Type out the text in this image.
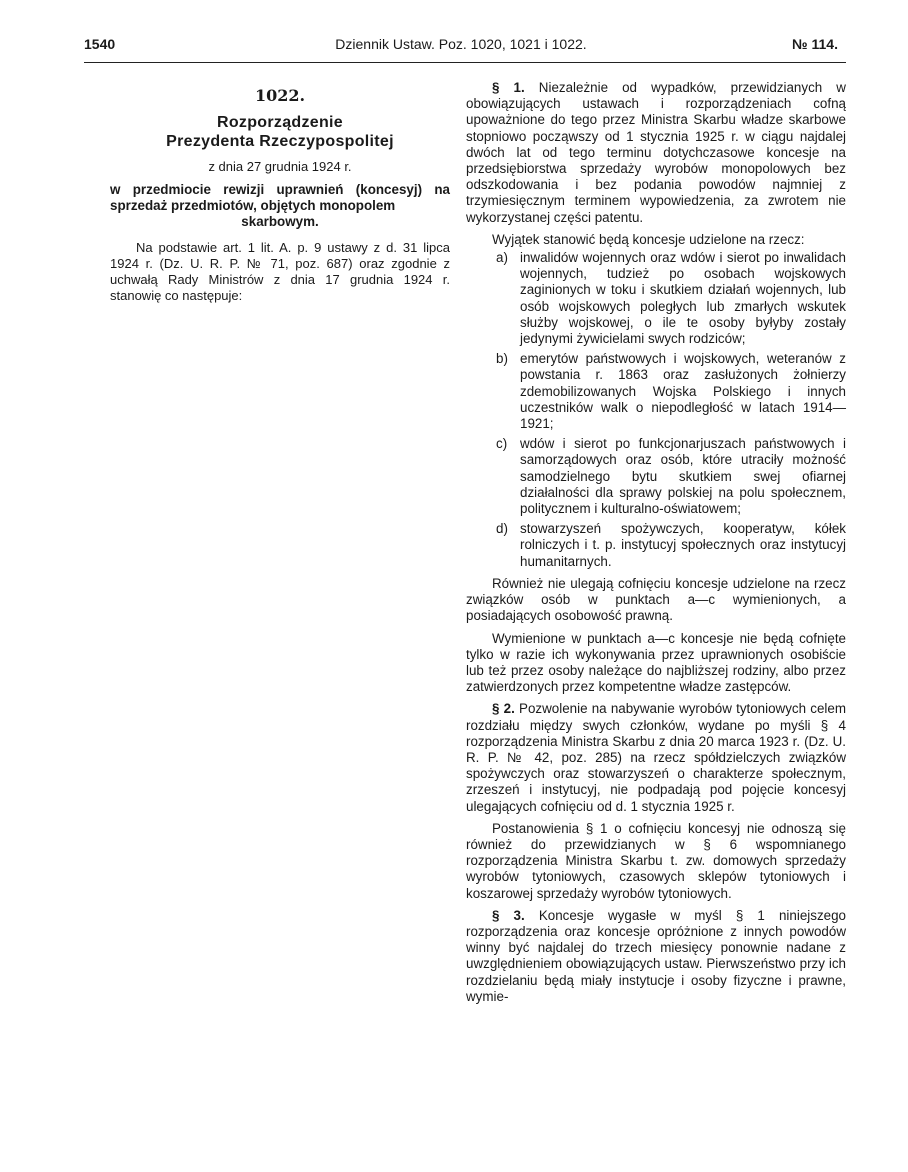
1540	Dziennik Ustaw. Poz. 1020, 1021 i 1022.	№ 114.
1022.
Rozporządzenie
Prezydenta Rzeczypospolitej
z dnia 27 grudnia 1924 r.
w przedmiocie rewizji uprawnień (koncesyj) na sprzedaż przedmiotów, objętych monopolem
skarbowym.

Na podstawie art. 1 lit. A. p. 9 ustawy z d. 31 lipca 1924 r. (Dz. U. R. P. № 71, poz. 687) oraz zgodnie z uchwałą Rady Ministrów z dnia 17 grudnia 1924 r. stanowię co następuje:

§ 1. Niezależnie od wypadków, przewidzianych w obowiązujących ustawach i rozporządzeniach cofną upoważnione do tego przez Ministra Skarbu władze skarbowe stopniowo począwszy od 1 stycznia 1925 r. w ciągu najdalej dwóch lat od tego terminu dotychczasowe koncesje na przedsiębiorstwa sprzedaży wyrobów monopolowych bez odszkodowania i bez podania powodów najmniej z trzymiesięcznym terminem wypowiedzenia, za zwrotem nie wykorzystanej części patentu.

Wyjątek stanowić będą koncesje udzielone na rzecz:

a) inwalidów wojennych oraz wdów i sierot po inwalidach wojennych, tudzież po osobach wojskowych zaginionych w toku i skutkiem działań wojennych, lub osób wojskowych poległych lub zmarłych wskutek służby wojskowej, o ile te osoby byłyby zostały jedynymi żywicielami swych rodziców;
b) emerytów państwowych i wojskowych, weteranów z powstania r. 1863 oraz zasłużonych żołnierzy zdemobilizowanych Wojska Polskiego i innych uczestników walk o niepodległość w latach 1914—1921;
c) wdów i sierot po funkcjonarjuszach państwowych i samorządowych oraz osób, które utraciły możność samodzielnego bytu skutkiem swej ofiarnej działalności dla sprawy polskiej na polu społecznem, politycznem i kulturalno-oświatowem;
d) stowarzyszeń spożywczych, kooperatyw, kółek rolniczych i t. p. instytucyj społecznych oraz instytucyj humanitarnych.

Również nie ulegają cofnięciu koncesje udzielone na rzecz związków osób w punktach a—c wymienionych, a posiadających osobowość prawną.

Wymienione w punktach a—c koncesje nie będą cofnięte tylko w razie ich wykonywania przez uprawnionych osobiście lub też przez osoby należące do najbliższej rodziny, albo przez zatwierdzonych przez kompetentne władze zastępców.

§ 2. Pozwolenie na nabywanie wyrobów tytoniowych celem rozdziału między swych członków, wydane po myśli § 4 rozporządzenia Ministra Skarbu z dnia 20 marca 1923 r. (Dz. U. R. P. № 42, poz. 285) na rzecz spółdzielczych związków spożywczych oraz stowarzyszeń o charakterze społecznym, zrzeszeń i instytucyj, nie podpadają pod pojęcie koncesyj ulegających cofnięciu od d. 1 stycznia 1925 r.

Postanowienia § 1 o cofnięciu koncesyj nie odnoszą się również do przewidzianych w § 6 wspomnianego rozporządzenia Ministra Skarbu t. zw. domowych sprzedaży wyrobów tytoniowych, czasowych sklepów tytoniowych i koszarowej sprzedaży wyrobów tytoniowych.

§ 3. Koncesje wygasłe w myśl § 1 niniejszego rozporządzenia oraz koncesje opróżnione z innych powodów winny być najdalej do trzech miesięcy ponownie nadane z uwzględnieniem obowiązujących ustaw. Pierwszeństwo przy ich rozdzielaniu będą miały instytucje i osoby fizyczne i prawne, wymie-
